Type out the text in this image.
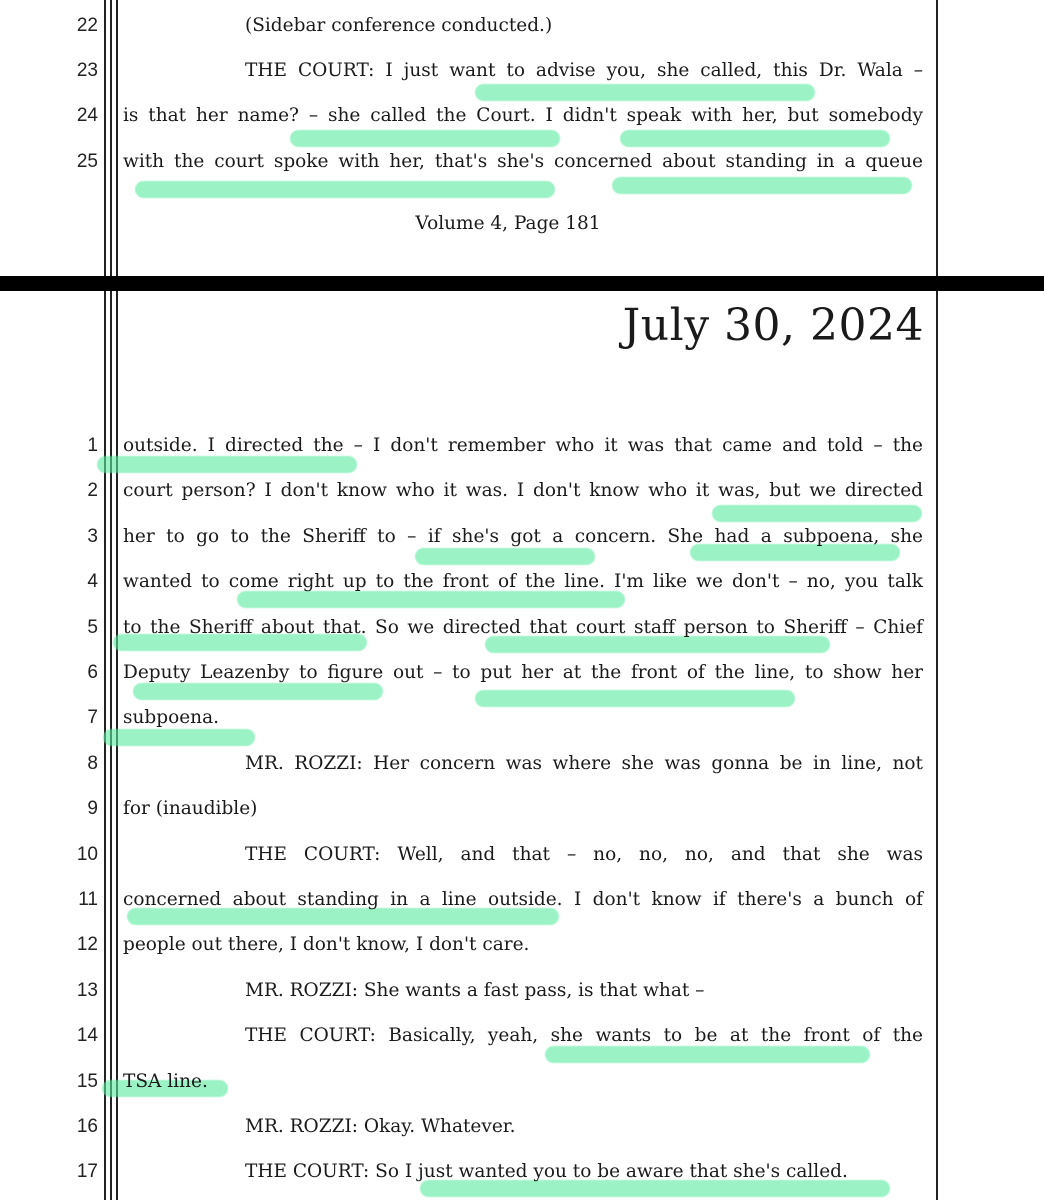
22	(Sidebar conference conducted.)
23	THE COURT: I just want to advise you, she called, this Dr. Wala –
24 is that her name? – she called the Court. I didn't speak with her, but somebody
25 with the court spoke with her, that's she's concerned about standing in a queue
Volume 4, Page 181
July 30, 2024
1 outside. I directed the – I don't remember who it was that came and told – the
2 court person? I don't know who it was. I don't know who it was, but we directed
3 her to go to the Sheriff to – if she's got a concern. She had a subpoena, she
4 wanted to come right up to the front of the line. I'm like we don't – no, you talk
5 to the Sheriff about that. So we directed that court staff person to Sheriff – Chief
6 Deputy Leazenby to figure out – to put her at the front of the line, to show her
7 subpoena.
8	MR. ROZZI: Her concern was where she was gonna be in line, not
9 for (inaudible)
10	THE COURT: Well, and that – no, no, no, and that she was
11 concerned about standing in a line outside. I don't know if there's a bunch of
12 people out there, I don't know, I don't care.
13	MR. ROZZI: She wants a fast pass, is that what –
14	THE COURT: Basically, yeah, she wants to be at the front of the
15 TSA line.
16	MR. ROZZI: Okay. Whatever.
17	THE COURT: So I just wanted you to be aware that she's called.
